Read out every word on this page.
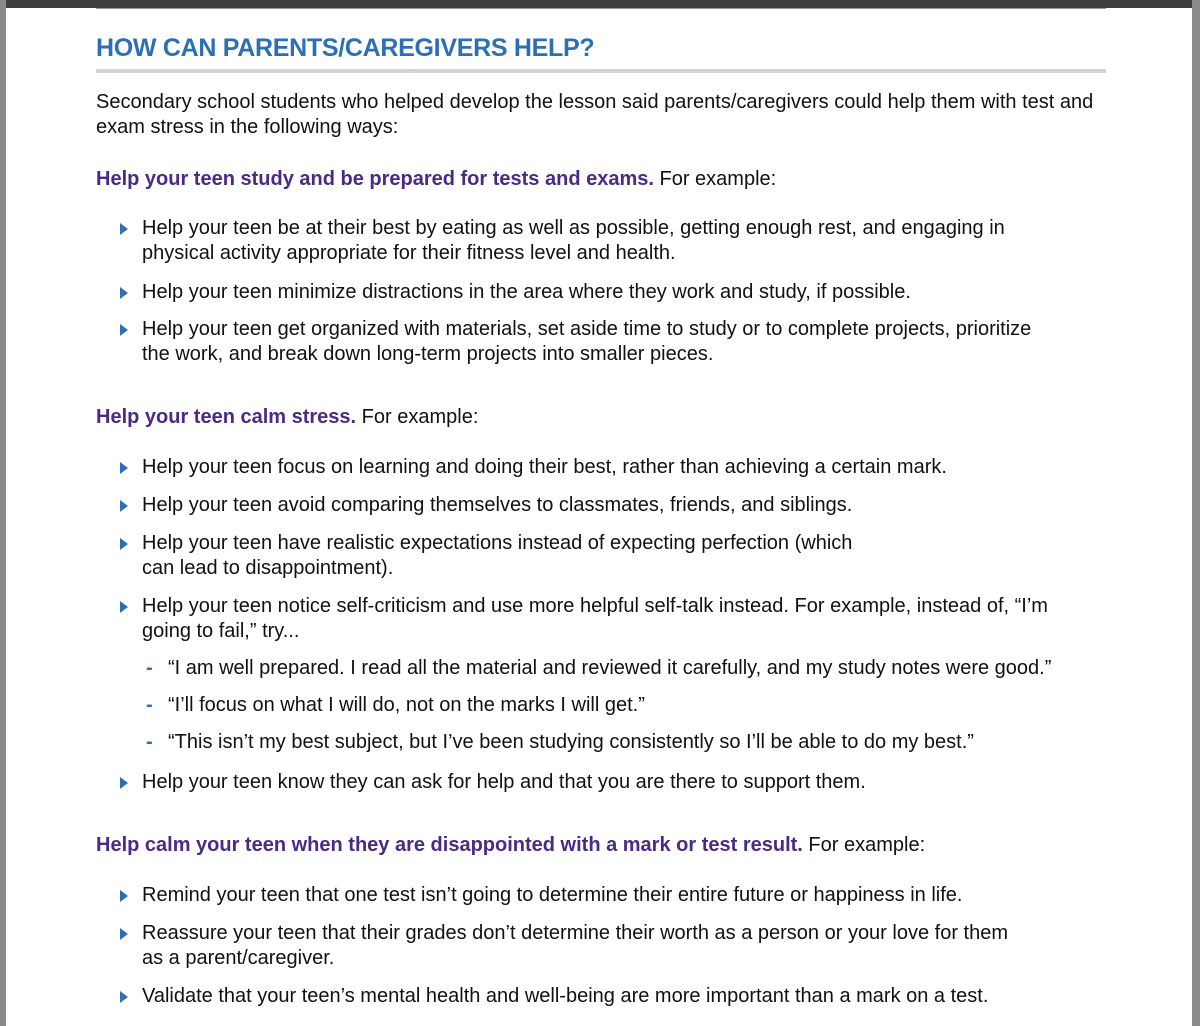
HOW CAN PARENTS/CAREGIVERS HELP?

Secondary school students who helped develop the lesson said parents/caregivers could help them with test and exam stress in the following ways:

Help your teen study and be prepared for tests and exams. For example:

Help your teen be at their best by eating as well as possible, getting enough rest, and engaging in physical activity appropriate for their fitness level and health.
Help your teen minimize distractions in the area where they work and study, if possible.
Help your teen get organized with materials, set aside time to study or to complete projects, prioritize the work, and break down long-term projects into smaller pieces.

Help your teen calm stress. For example:

Help your teen focus on learning and doing their best, rather than achieving a certain mark.
Help your teen avoid comparing themselves to classmates, friends, and siblings.
Help your teen have realistic expectations instead of expecting perfection (which can lead to disappointment).
Help your teen notice self-criticism and use more helpful self-talk instead. For example, instead of, “I’m going to fail,” try...
- “I am well prepared. I read all the material and reviewed it carefully, and my study notes were good.”
- “I’ll focus on what I will do, not on the marks I will get.”
- “This isn’t my best subject, but I’ve been studying consistently so I’ll be able to do my best.”
Help your teen know they can ask for help and that you are there to support them.

Help calm your teen when they are disappointed with a mark or test result. For example:

Remind your teen that one test isn’t going to determine their entire future or happiness in life.
Reassure your teen that their grades don’t determine their worth as a person or your love for them as a parent/caregiver.
Validate that your teen’s mental health and well-being are more important than a mark on a test.
